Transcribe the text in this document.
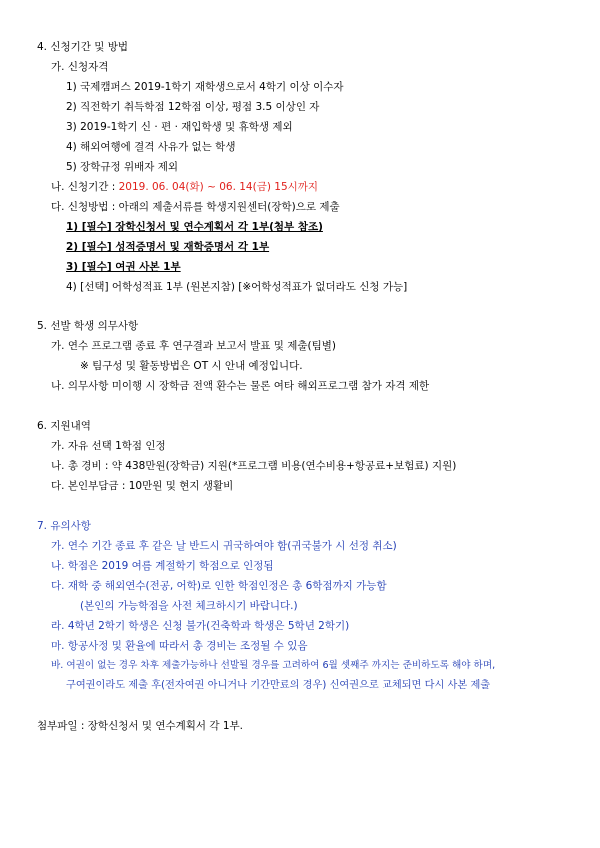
4. 신청기간 및 방법
가. 신청자격
1) 국제캠퍼스 2019-1학기 재학생으로서 4학기 이상 이수자
2) 직전학기 취득학점 12학점 이상, 평점 3.5 이상인 자
3) 2019-1학기 신 · 편 · 재입학생 및 휴학생 제외
4) 해외여행에 결격 사유가 없는 학생
5) 장학규정 위배자 제외
나. 신청기간 : 2019. 06. 04(화) ~ 06. 14(금) 15시까지
다. 신청방법 : 아래의 제출서류를 학생지원센터(장학)으로 제출
1) [필수] 장학신청서 및 연수계획서 각 1부(첨부 참조)
2) [필수] 성적증명서 및 재학증명서 각 1부
3) [필수] 여권 사본 1부
4) [선택] 어학성적표 1부 (원본지참) [※어학성적표가 없더라도 신청 가능]
5. 선발 학생 의무사항
가. 연수 프로그램 종료 후 연구결과 보고서 발표 및 제출(팀별)
※ 팀구성 및 활동방법은 OT 시 안내 예정입니다.
나. 의무사항 미이행 시 장학금 전액 환수는 물론 여타 해외프로그램 참가 자격 제한
6. 지원내역
가. 자유 선택 1학점 인정
나. 총 경비 : 약 438만원(장학금) 지원(*프로그램 비용(연수비용+항공료+보험료) 지원)
다. 본인부담금 : 10만원 및 현지 생활비
7. 유의사항
가. 연수 기간 종료 후 같은 날 반드시 귀국하여야 함(귀국불가 시 선정 취소)
나. 학점은 2019 여름 계절학기 학점으로 인정됨
다. 재학 중 해외연수(전공, 어학)로 인한 학점인정은 총 6학점까지 가능함
(본인의 가능학점을 사전 체크하시기 바랍니다.)
라. 4학년 2학기 학생은 신청 불가(건축학과 학생은 5학년 2학기)
마. 항공사정 및 환율에 따라서 총 경비는 조정될 수 있음
바. 여권이 없는 경우 차후 제출가능하나 선발될 경우를 고려하여 6월 셋째주 까지는 준비하도록 해야 하며,
구여권이라도 제출 후(전자여권 아니거나 기간만료의 경우) 신여권으로 교체되면 다시 사본 제출
첨부파일 : 장학신청서 및 연수계획서 각 1부.
